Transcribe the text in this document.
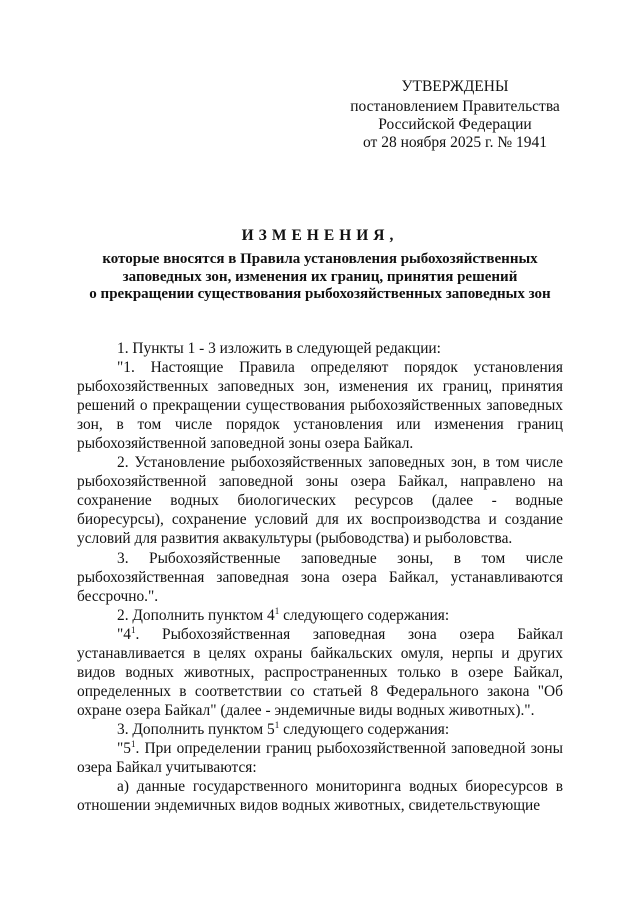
УТВЕРЖДЕНЫ
постановлением Правительства
Российской Федерации
от 28 ноября 2025 г. № 1941
ИЗМЕНЕНИЯ,
которые вносятся в Правила установления рыбохозяйственных
заповедных зон, изменения их границ, принятия решений
о прекращении существования рыбохозяйственных заповедных зон

1. Пункты 1 - 3 изложить в следующей редакции:

"1. Настоящие Правила определяют порядок установления рыбохозяйственных заповедных зон, изменения их границ, принятия решений о прекращении существования рыбохозяйственных заповедных зон, в том числе порядок установления или изменения границ рыбохозяйственной заповедной зоны озера Байкал.

2. Установление рыбохозяйственных заповедных зон, в том числе рыбохозяйственной заповедной зоны озера Байкал, направлено на сохранение водных биологических ресурсов (далее - водные биоресурсы), сохранение условий для их воспроизводства и создание условий для развития аквакультуры (рыбоводства) и рыболовства.

3. Рыбохозяйственные заповедные зоны, в том числе рыбохозяйственная заповедная зона озера Байкал, устанавливаются бессрочно.".

2. Дополнить пунктом $4^1$ следующего содержания:

"$4^1$. Рыбохозяйственная заповедная зона озера Байкал устанавливается в целях охраны байкальских омуля, нерпы и других видов водных животных, распространенных только в озере Байкал, определенных в соответствии со статьей 8 Федерального закона "Об охране озера Байкал" (далее - эндемичные виды водных животных).".

3. Дополнить пунктом $5^1$ следующего содержания:

"$5^1$. При определении границ рыбохозяйственной заповедной зоны озера Байкал учитываются:

а) данные государственного мониторинга водных биоресурсов в отношении эндемичных видов водных животных, свидетельствующие
